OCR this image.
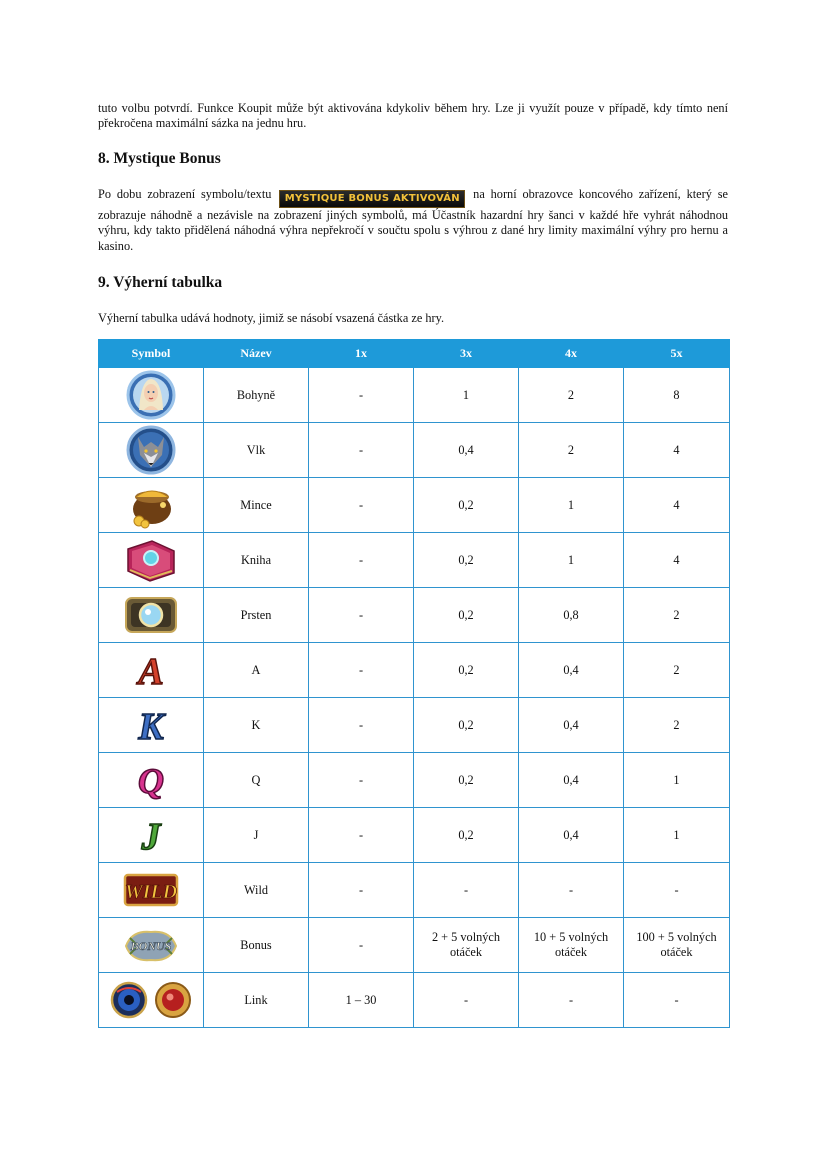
tuto volbu potvrdí. Funkce Koupit může být aktivována kdykoliv během hry. Lze ji využít pouze v případě, kdy tímto není překročena maximální sázka na jednu hru.

8. Mystique Bonus

Po dobu zobrazení symbolu/textu MYSTIQUE BONUS AKTIVOVÁN na horní obrazovce koncového zařízení, který se zobrazuje náhodně a nezávisle na zobrazení jiných symbolů, má Účastník hazardní hry šanci v každé hře vyhrát náhodnou výhru, kdy takto přidělená náhodná výhra nepřekročí v součtu spolu s výhrou z dané hry limity maximální výhry pro hernu a kasino.

9. Výherní tabulka

Výherní tabulka udává hodnoty, jimiž se násobí vsazená částka ze hry.

Symbol	Název	1x	3x	4x	5x
	Bohyně	-	1	2	8
	Vlk	-	0,4	2	4
	Mince	-	0,2	1	4
	Kniha	-	0,2	1	4
	Prsten	-	0,2	0,8	2

A	A	-	0,2	0,4	2

K	K	-	0,2	0,4	2

Q	Q	-	0,2	0,4	1

J	J	-	0,2	0,4	1

WILD	Wild	-	-	-	-

BONUS	Bonus	-	2 + 5 volných otáček	10 + 5 volných otáček	100 + 5 volných otáček
	Link	1 – 30	-	-	-
